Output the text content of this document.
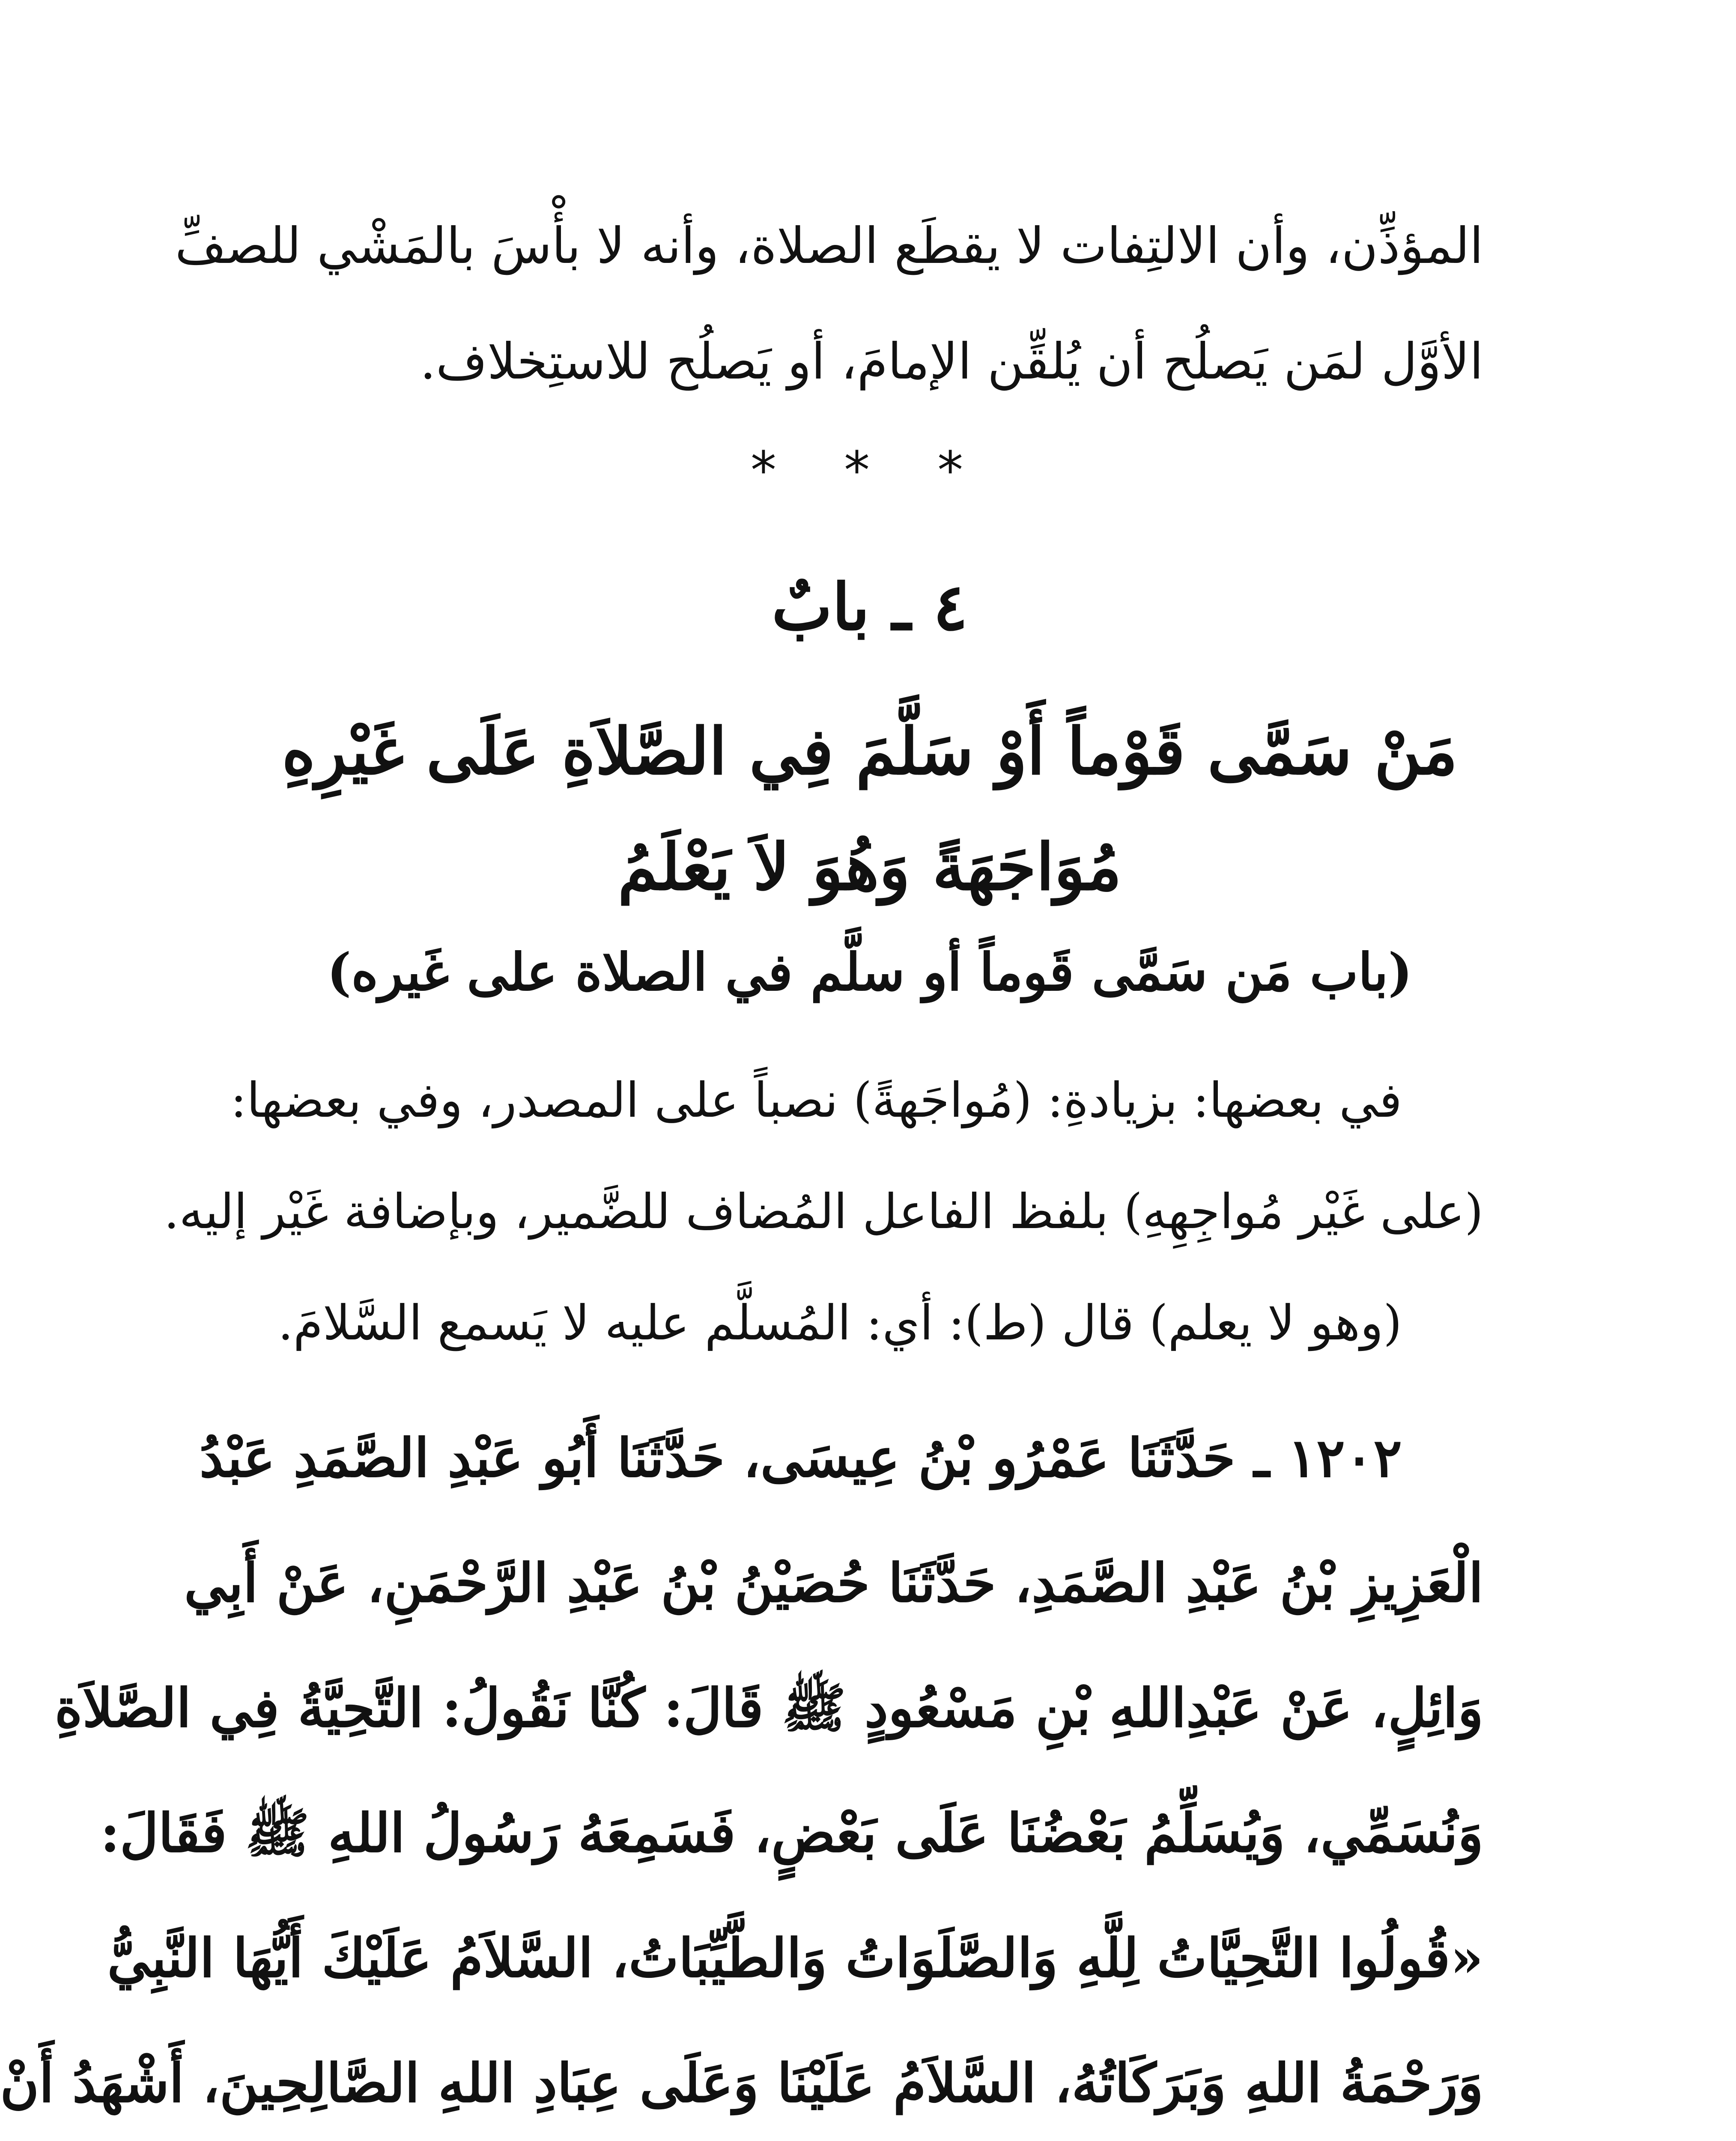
المؤذِّن، وأن الالتِفات لا يقطَع الصلاة، وأنه لا بأْسَ بالمَشْي للصفِّ
الأوَّل لمَن يَصلُح أن يُلقِّن الإمامَ، أو يَصلُح للاستِخلاف.
* * *
٤ ـ بابٌ
مَنْ سَمَّى قَوْماً أَوْ سَلَّمَ فِي الصَّلاَةِ عَلَى غَيْرِهِ
مُوَاجَهَةً وَهُوَ لاَ يَعْلَمُ
(باب مَن سَمَّى قَوماً أو سلَّم في الصلاة على غَيره)
في بعضها: بزيادةِ: (مُواجَهةً) نصباً على المصدر، وفي بعضها:
(على غَيْر مُواجِهِهِ) بلفظ الفاعل المُضاف للضَّمير، وبإضافة غَيْر إليه.
(وهو لا يعلم) قال (ط): أي: المُسلَّم عليه لا يَسمع السَّلامَ.
١٢٠٢ ـ حَدَّثَنَا عَمْرُو بْنُ عِيسَى، حَدَّثَنَا أَبُو عَبْدِ الصَّمَدِ عَبْدُ
الْعَزِيزِ بْنُ عَبْدِ الصَّمَدِ، حَدَّثَنَا حُصَيْنُ بْنُ عَبْدِ الرَّحْمَنِ، عَنْ أَبِي
وَائِلٍ، عَنْ عَبْدِاللهِ بْنِ مَسْعُودٍ ﷺ قَالَ: كُنَّا نَقُولُ: التَّحِيَّةُ فِي الصَّلاَةِ
وَنُسَمِّي، وَيُسَلِّمُ بَعْضُنَا عَلَى بَعْضٍ، فَسَمِعَهُ رَسُولُ اللهِ ﷺ فَقَالَ:
«قُولُوا التَّحِيَّاتُ لِلَّهِ وَالصَّلَوَاتُ وَالطَّيِّبَاتُ، السَّلاَمُ عَلَيْكَ أَيُّهَا النَّبِيُّ
وَرَحْمَةُ اللهِ وَبَرَكَاتُهُ، السَّلاَمُ عَلَيْنَا وَعَلَى عِبَادِ اللهِ الصَّالِحِينَ، أَشْهَدُ أَنْ
